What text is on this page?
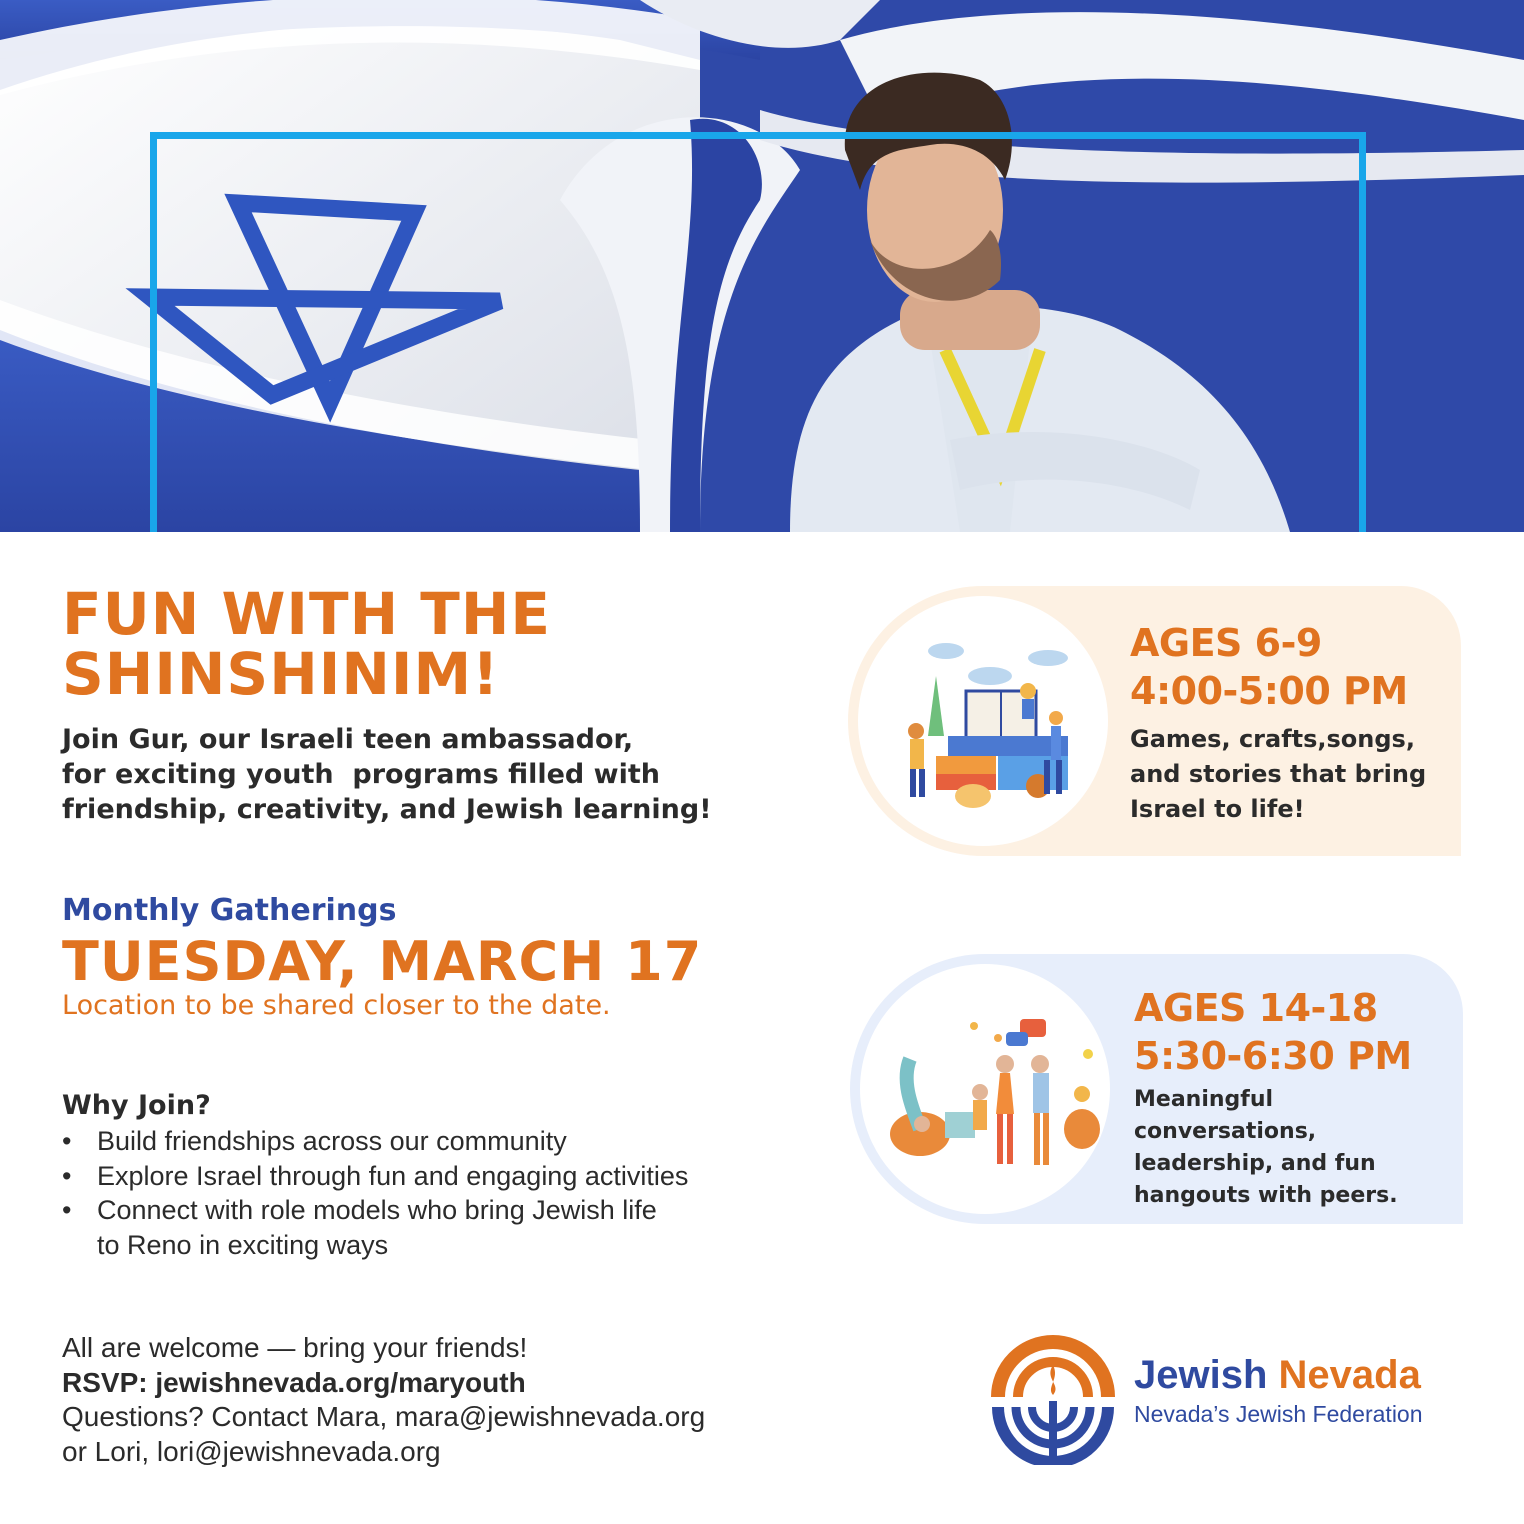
FUN WITH THE
SHINSHINIM!

Join Gur, our Israeli teen ambassador,
for exciting youth  programs filled with
friendship, creativity, and Jewish learning!

Monthly Gatherings

TUESDAY, MARCH 17

Location to be shared closer to the date.

Why Join?

• Build friendships across our community
• Explore Israel through fun and engaging activities
• Connect with role models who bring Jewish life
to Reno in exciting ways

All are welcome — bring your friends!
RSVP: jewishnevada.org/maryouth
Questions? Contact Mara, mara@jewishnevada.org
or Lori, lori@jewishnevada.org

AGES 6-9
4:00-5:00 PM

Games, crafts,songs,
and stories that bring
Israel to life!

AGES 14-18
5:30-6:30 PM

Meaningful conversations,
leadership, and fun
hangouts with peers.

Jewish Nevada

Nevada’s Jewish Federation
